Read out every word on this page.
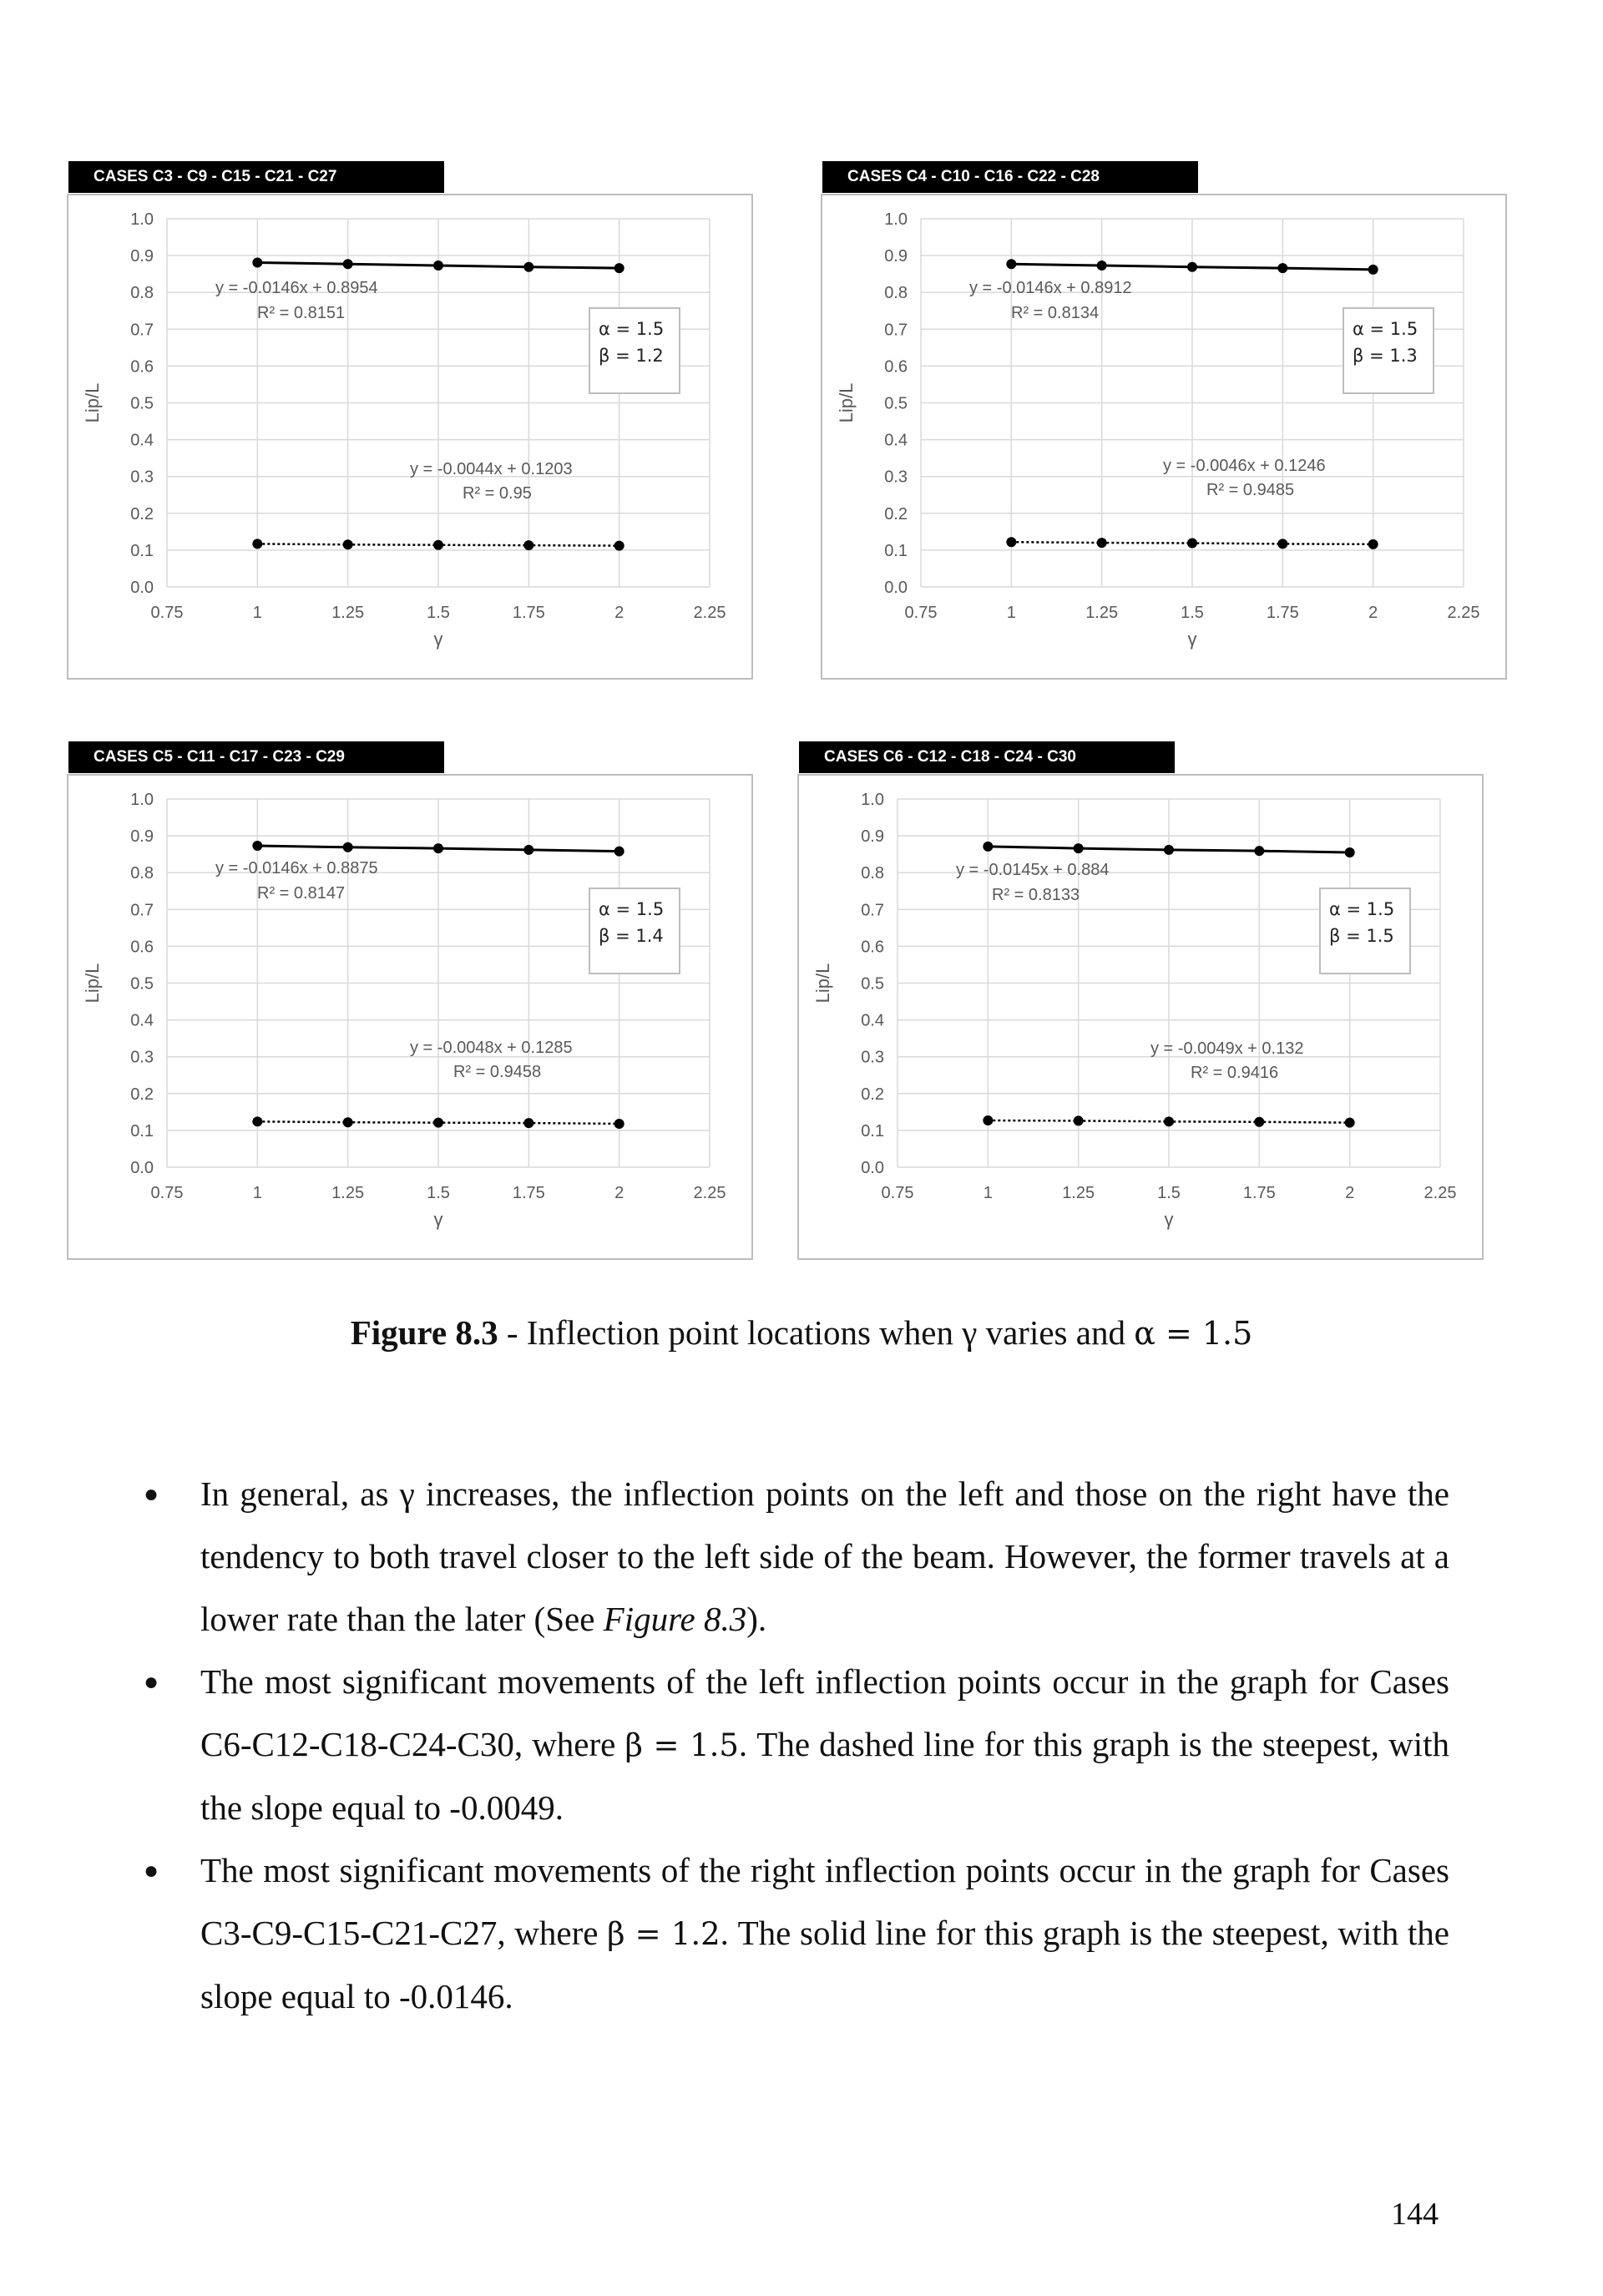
0.0
0.1
0.2
0.3
0.4
0.5
0.6
0.7
0.8
0.9
1.0
0.75	1	1.25	1.5	1.75	2	2.25
γ
Lip/L
y = -0.0146x + 0.8954
R² = 0.8151
y = -0.0044x + 0.1203
R² = 0.95
α = 1.5
β = 1.2
CASES C3 - C9 - C15 - C21 - C27
0.0
0.1
0.2
0.3
0.4
0.5
0.6
0.7
0.8
0.9
1.0
0.75	1	1.25	1.5	1.75	2	2.25
γ
Lip/L
y = -0.0146x + 0.8912
R² = 0.8134
y = -0.0046x + 0.1246
R² = 0.9485
α = 1.5
β = 1.3
CASES C4 - C10 - C16 - C22 - C28
0.0
0.1
0.2
0.3
0.4
0.5
0.6
0.7
0.8
0.9
1.0
0.75	1	1.25	1.5	1.75	2	2.25
γ
Lip/L
y = -0.0146x + 0.8875
R² = 0.8147
y = -0.0048x + 0.1285
R² = 0.9458
α = 1.5
β = 1.4
CASES C5 - C11 - C17 - C23 - C29
0.0
0.1
0.2
0.3
0.4
0.5
0.6
0.7
0.8
0.9
1.0
0.75	1	1.25	1.5	1.75	2	2.25
γ
Lip/L
y = -0.0145x + 0.884
R² = 0.8133
y = -0.0049x + 0.132
R² = 0.9416
α = 1.5
β = 1.5
CASES C6 - C12 - C18 - C24 - C30
Figure 8.3 - Inflection point locations when γ varies and α = 1.5
● In general, as γ increases, the inflection points on the left and those on the right have the tendency to both travel closer to the left side of the beam. However, the former travels at a lower rate than the later (See Figure 8.3).
● The most significant movements of the left inflection points occur in the graph for Cases C6-C12-C18-C24-C30, where β = 1.5. The dashed line for this graph is the steepest, with the slope equal to -0.0049.
● The most significant movements of the right inflection points occur in the graph for Cases C3-C9-C15-C21-C27, where β = 1.2. The solid line for this graph is the steepest, with the slope equal to -0.0146.
144
